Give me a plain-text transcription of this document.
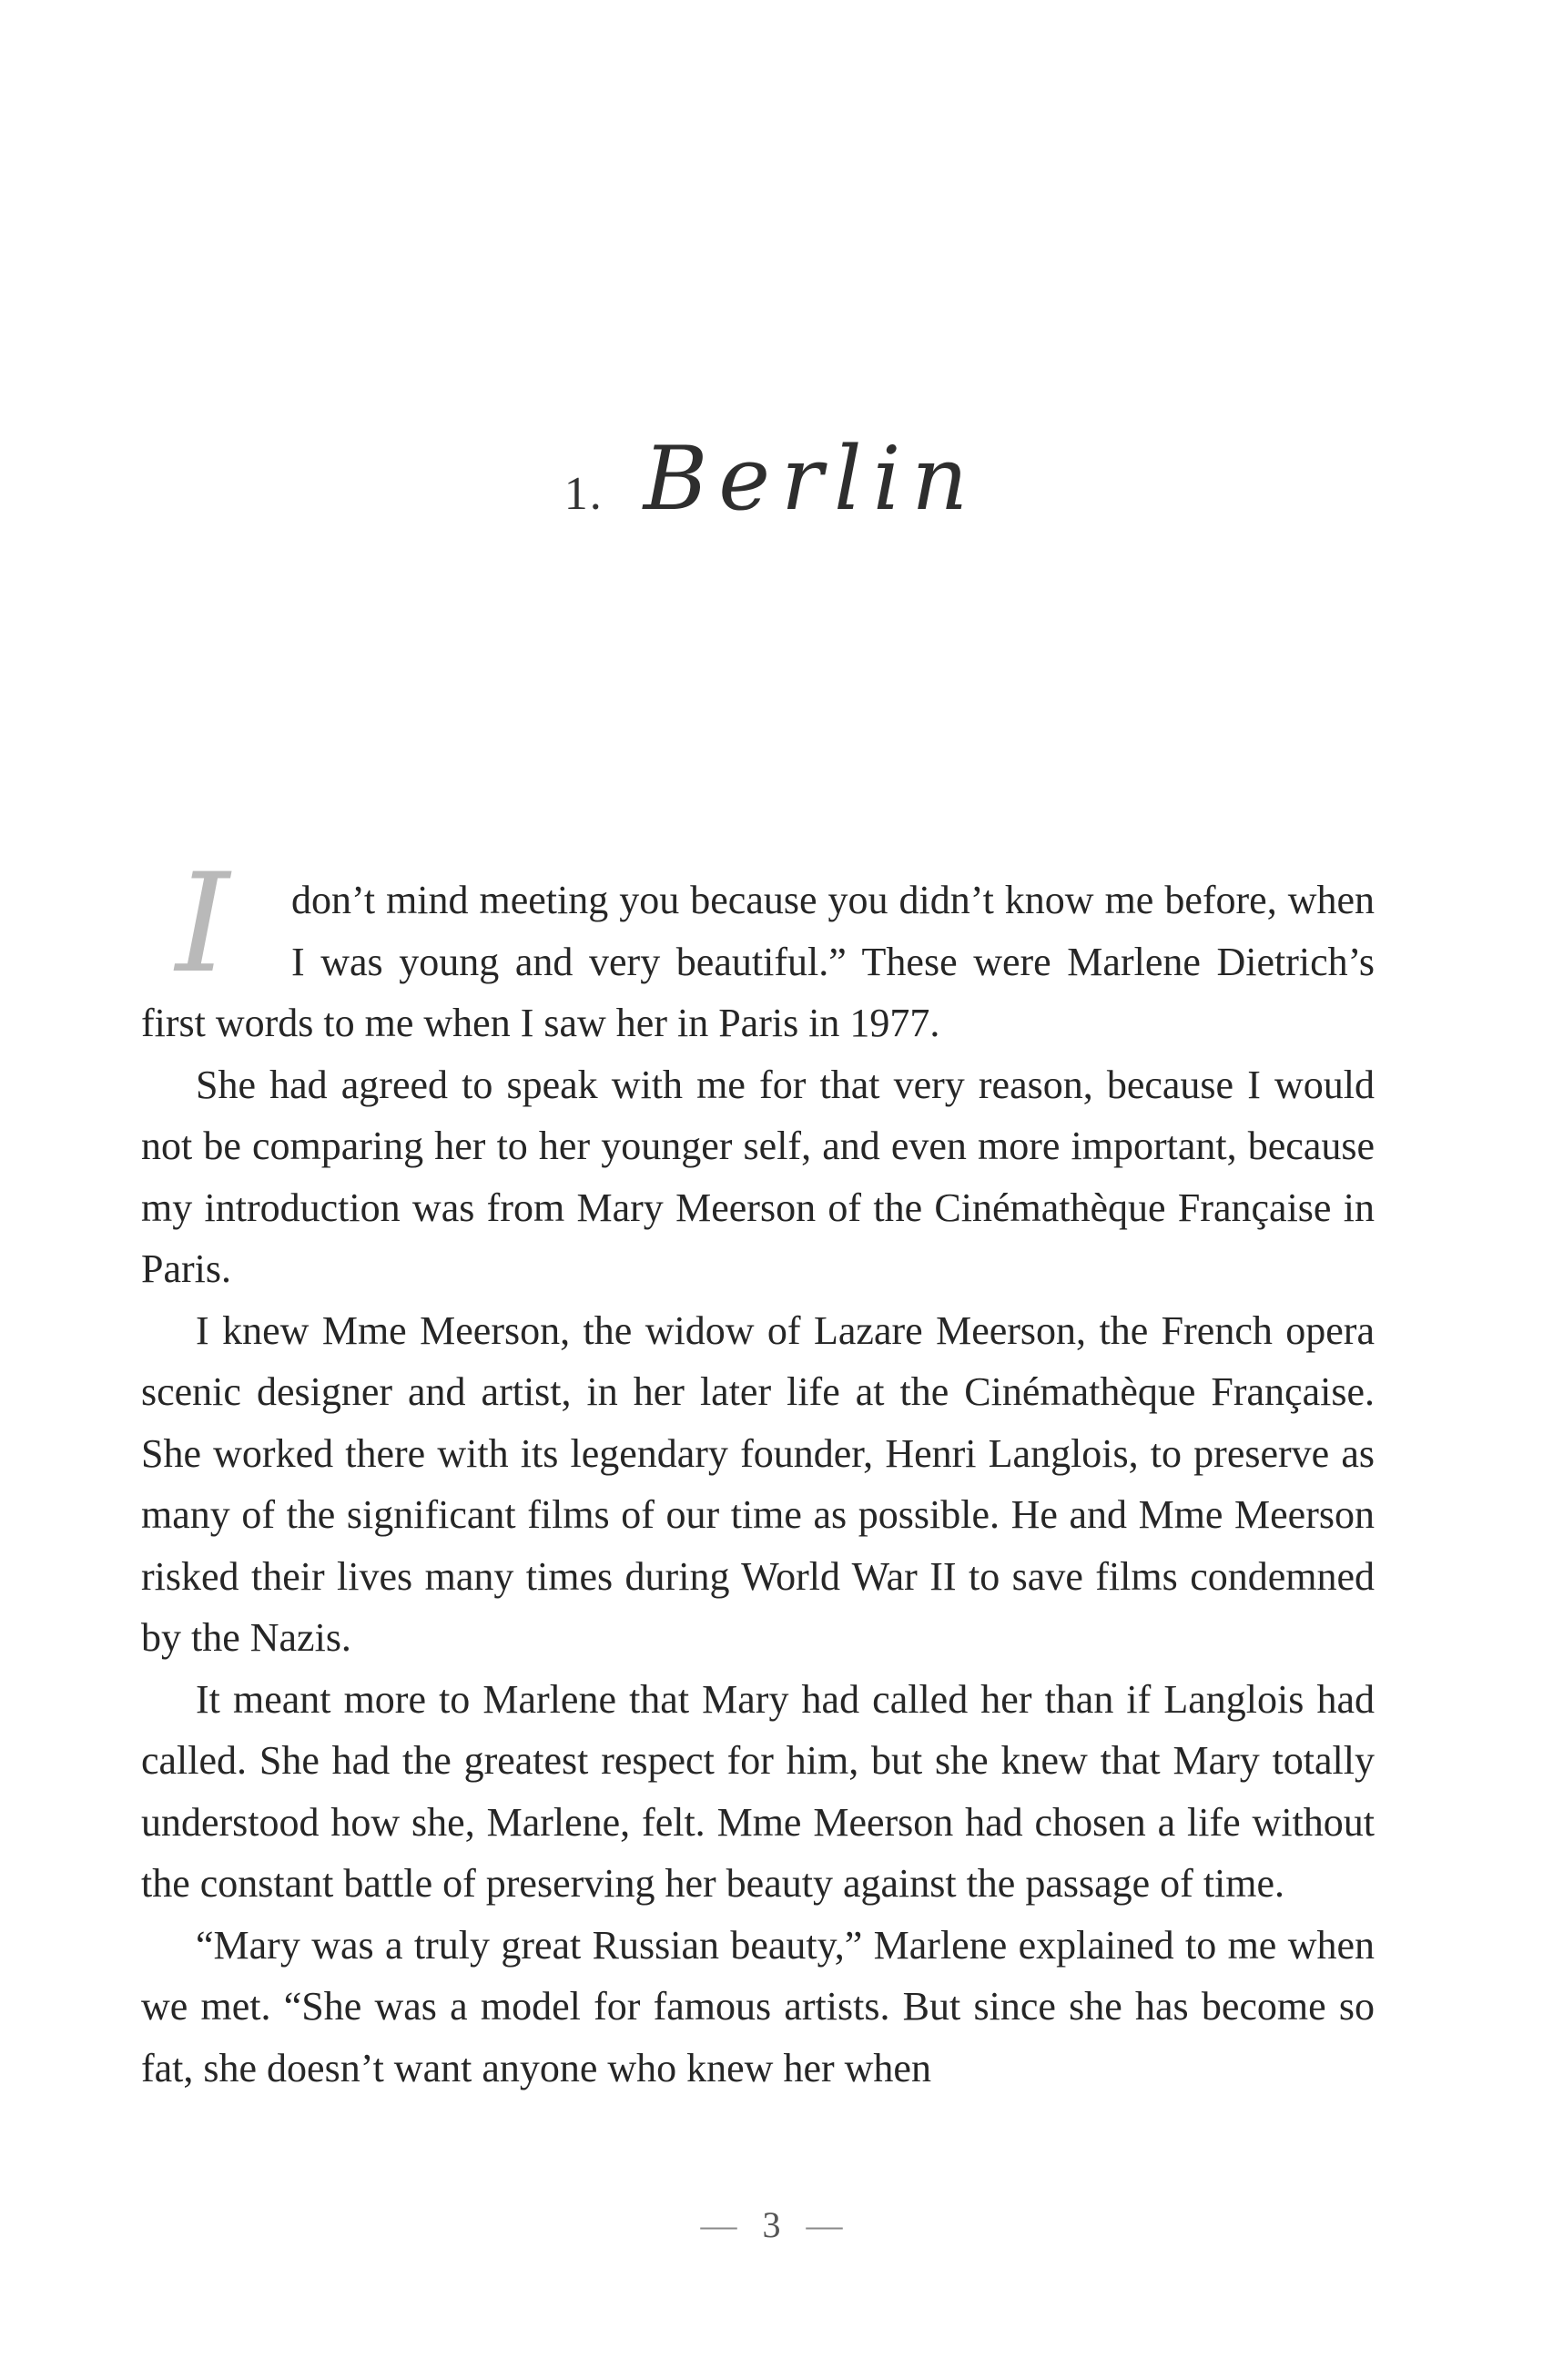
1. Berlin

I	don’t mind meeting you because you didn’t know me before, when I was young and very beautiful.” These were Marlene Dietrich’s first words to me when I saw her in Paris in 1977.

She had agreed to speak with me for that very reason, because I would not be comparing her to her younger self, and even more important, because my introduction was from Mary Meerson of the Cinémathèque Française in Paris.

I knew Mme Meerson, the widow of Lazare Meerson, the French opera scenic designer and artist, in her later life at the Cinémathèque Française. She worked there with its legendary founder, Henri Langlois, to preserve as many of the significant films of our time as possible. He and Mme Meerson risked their lives many times during World War II to save films condemned by the Nazis.

It meant more to Marlene that Mary had called her than if Langlois had called. She had the greatest respect for him, but she knew that Mary totally understood how she, Marlene, felt. Mme Meerson had chosen a life without the constant battle of preserving her beauty against the passage of time.

“Mary was a truly great Russian beauty,” Marlene explained to me when we met. “She was a model for famous artists. But since she has become so fat, she doesn’t want anyone who knew her when

— 3 —
